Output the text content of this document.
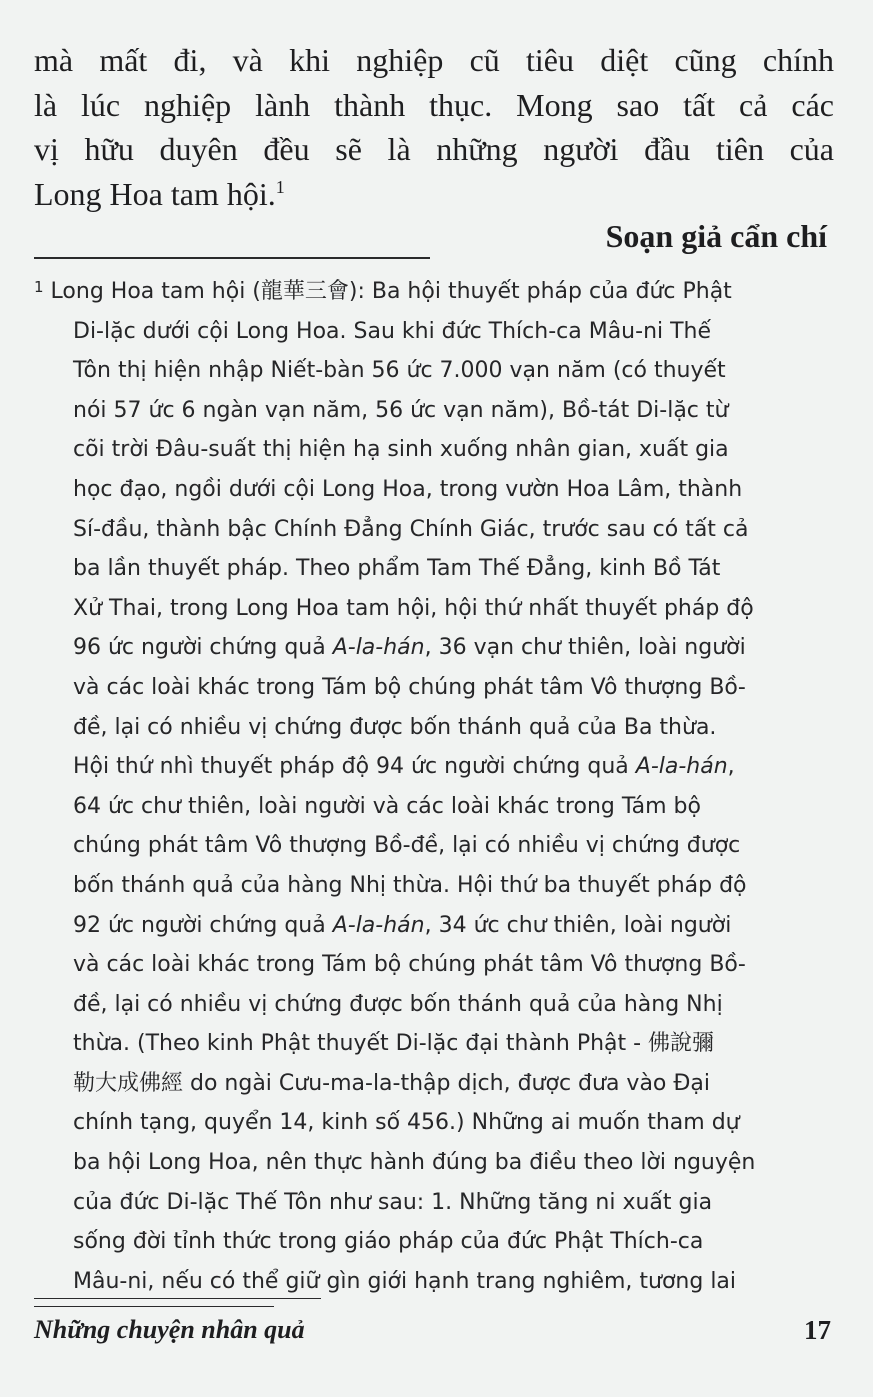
mà mất đi, và khi nghiệp cũ tiêu diệt cũng chính
là lúc nghiệp lành thành thục. Mong sao tất cả các
vị hữu duyên đều sẽ là những người đầu tiên của
Long Hoa tam hội.$^1$
Soạn giả cẩn chí
$^1$ Long Hoa tam hội (龍華三會): Ba hội thuyết pháp của đức Phật
Di-lặc dưới cội Long Hoa. Sau khi đức Thích-ca Mâu-ni Thế
Tôn thị hiện nhập Niết-bàn 56 ức 7.000 vạn năm (có thuyết
nói 57 ức 6 ngàn vạn năm, 56 ức vạn năm), Bồ-tát Di-lặc từ
cõi trời Đâu-suất thị hiện hạ sinh xuống nhân gian, xuất gia
học đạo, ngồi dưới cội Long Hoa, trong vườn Hoa Lâm, thành
Sí-đầu, thành bậc Chính Đẳng Chính Giác, trước sau có tất cả
ba lần thuyết pháp. Theo phẩm Tam Thế Đẳng, kinh Bồ Tát
Xử Thai, trong Long Hoa tam hội, hội thứ nhất thuyết pháp độ
96 ức người chứng quả A-la-hán, 36 vạn chư thiên, loài người
và các loài khác trong Tám bộ chúng phát tâm Vô thượng Bồ-
đề, lại có nhiều vị chứng được bốn thánh quả của Ba thừa.
Hội thứ nhì thuyết pháp độ 94 ức người chứng quả A-la-hán,
64 ức chư thiên, loài người và các loài khác trong Tám bộ
chúng phát tâm Vô thượng Bồ-đề, lại có nhiều vị chứng được
bốn thánh quả của hàng Nhị thừa. Hội thứ ba thuyết pháp độ
92 ức người chứng quả A-la-hán, 34 ức chư thiên, loài người
và các loài khác trong Tám bộ chúng phát tâm Vô thượng Bồ-
đề, lại có nhiều vị chứng được bốn thánh quả của hàng Nhị
thừa. (Theo kinh Phật thuyết Di-lặc đại thành Phật - 佛說彌
勒大成佛經 do ngài Cưu-ma-la-thập dịch, được đưa vào Đại
chính tạng, quyển 14, kinh số 456.) Những ai muốn tham dự
ba hội Long Hoa, nên thực hành đúng ba điều theo lời nguyện
của đức Di-lặc Thế Tôn như sau: 1. Những tăng ni xuất gia
sống đời tỉnh thức trong giáo pháp của đức Phật Thích-ca
Mâu-ni, nếu có thể giữ gìn giới hạnh trang nghiêm, tương lai
Những chuyện nhân quả	17
